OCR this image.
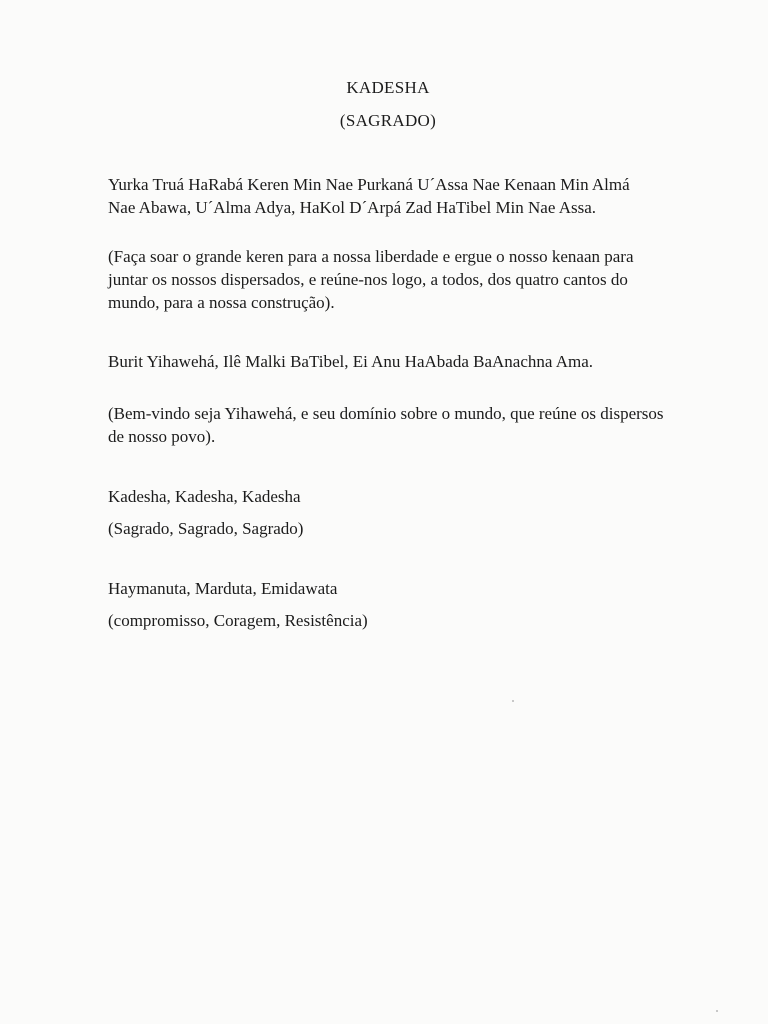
KADESHA
(SAGRADO)
Yurka Truá HaRabá Keren Min Nae Purkaná U´Assa Nae Kenaan Min Almá Nae Abawa, U´Alma Adya, HaKol D´Arpá Zad HaTibel Min Nae Assa.
(Faça soar o grande keren para a nossa liberdade e ergue o nosso kenaan para juntar os nossos dispersados, e reúne-nos logo, a todos, dos quatro cantos do mundo, para a nossa construção).
Burit Yihawehá, Ilê Malki BaTibel, Ei Anu HaAbada BaAnachna Ama.
(Bem-vindo seja Yihawehá, e seu domínio sobre o mundo, que reúne os dispersos de nosso povo).
Kadesha, Kadesha, Kadesha
(Sagrado, Sagrado, Sagrado)
Haymanuta, Marduta, Emidawata
(compromisso, Coragem, Resistência)
